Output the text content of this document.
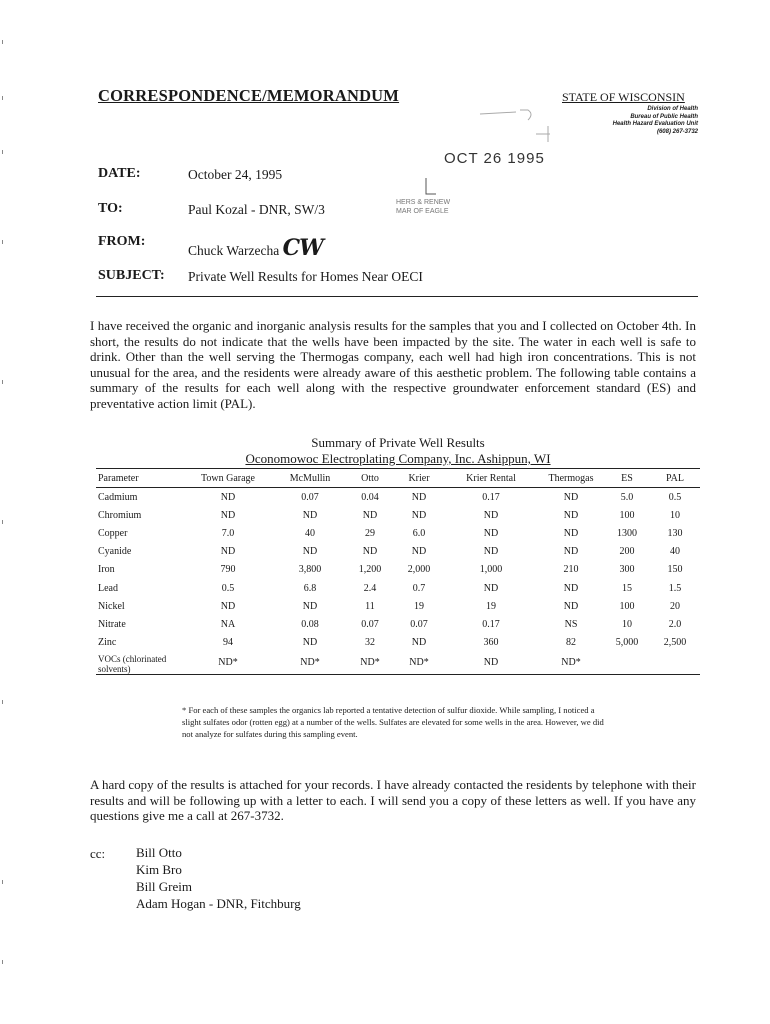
CORRESPONDENCE/MEMORANDUM	STATE OF WISCONSIN
Division of Health
Bureau of Public Health
Health Hazard Evaluation Unit
(608) 267-3732
OCT 26 1995
HERS & RENEW
MAR OF EAGLE
DATE:	October 24, 1995
TO:	Paul Kozal - DNR, SW/3
FROM:
Chuck Warzecha CW
SUBJECT: Private Well Results for Homes Near OECI
I have received the organic and inorganic analysis results for the samples that you and I collected on October 4th. In short, the results do not indicate that the wells have been impacted by the site. The water in each well is safe to drink. Other than the well serving the Thermogas company, each well had high iron concentrations. This is not unusual for the area, and the residents were already aware of this aesthetic problem. The following table contains a summary of the results for each well along with the respective groundwater enforcement standard (ES) and preventative action limit (PAL).
Summary of Private Well Results
Oconomowoc Electroplating Company, Inc. Ashippun, WI
Parameter	Town Garage	McMullin	Otto	Krier	Krier Rental	Thermogas	ES	PAL
Cadmium	ND	0.07	0.04	ND	0.17	ND	5.0	0.5
Chromium	ND	ND	ND	ND	ND	ND	100	10
Copper	7.0	40	29	6.0	ND	ND	1300	130
Cyanide	ND	ND	ND	ND	ND	ND	200	40
Iron	790	3,800	1,200	2,000	1,000	210	300	150
Lead	0.5	6.8	2.4	0.7	ND	ND	15	1.5
Nickel	ND	ND	11	19	19	ND	100	20
Nitrate	NA	0.08	0.07	0.07	0.17	NS	10	2.0
Zinc	94	ND	32	ND	360	82	5,000	2,500
VOCs (chlorinated solvents)	ND*	ND*	ND*	ND*	ND	ND*		
* For each of these samples the organics lab reported a tentative detection of sulfur dioxide. While sampling, I noticed a slight sulfates odor (rotten egg) at a number of the wells. Sulfates are elevated for some wells in the area. However, we did not analyze for sulfates during this sampling event.
A hard copy of the results is attached for your records. I have already contacted the residents by telephone with their results and will be following up with a letter to each. I will send you a copy of these letters as well. If you have any questions give me a call at 267-3732.
cc: Bill Otto
Kim Bro
Bill Greim
Adam Hogan - DNR, Fitchburg
